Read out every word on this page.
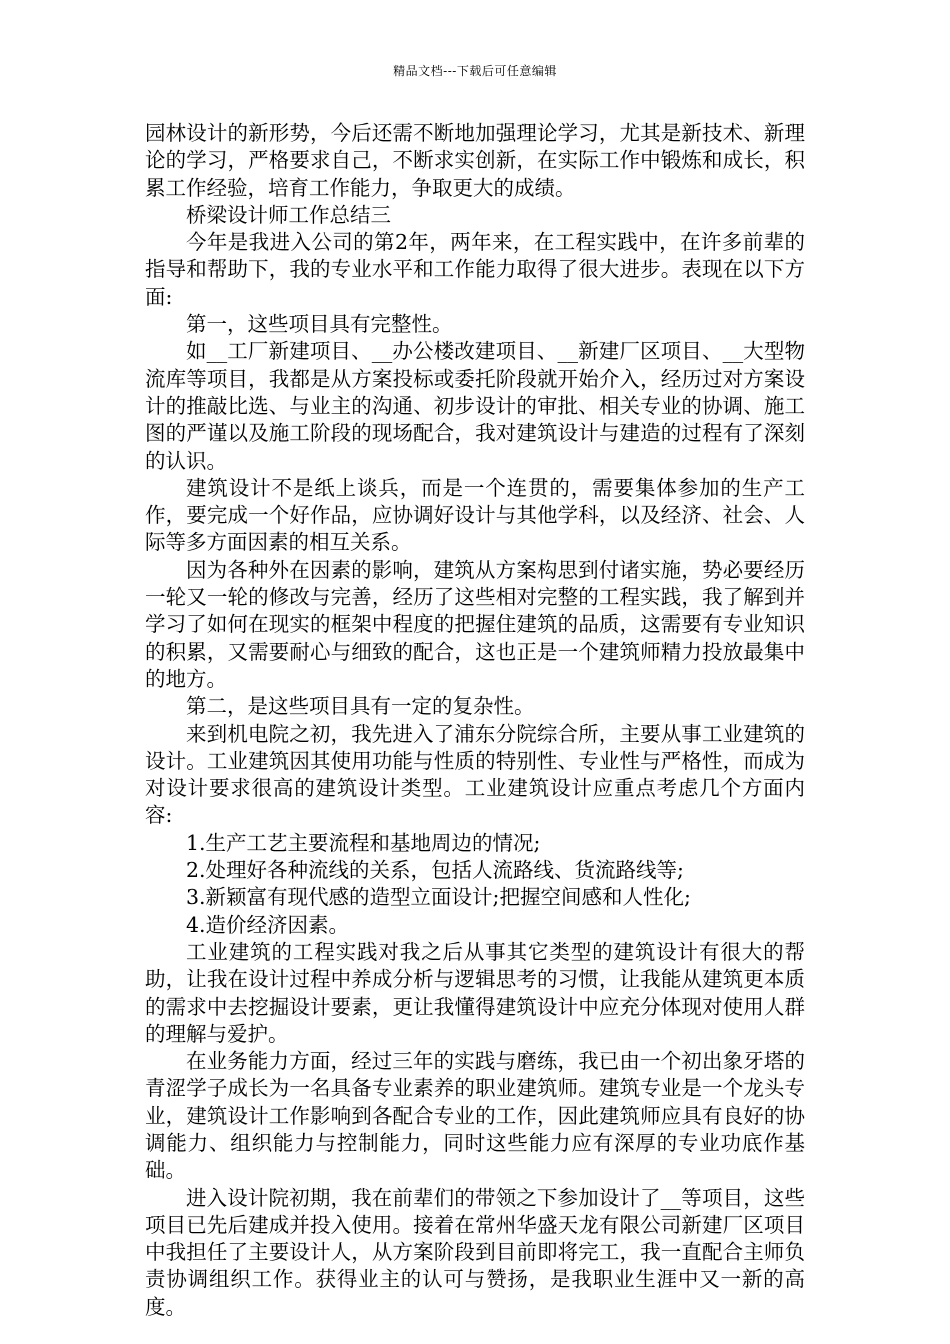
精品文档---下载后可任意编辑

园林设计的新形势，今后还需不断地加强理论学习，尤其是新技术、新理论的学习，严格要求自己，不断求实创新，在实际工作中锻炼和成长，积累工作经验，培育工作能力，争取更大的成绩。

桥梁设计师工作总结三

今年是我进入公司的第2年，两年来，在工程实践中，在许多前辈的指导和帮助下，我的专业水平和工作能力取得了很大进步。表现在以下方面:

第一，这些项目具有完整性。

如__工厂新建项目、__办公楼改建项目、__新建厂区项目、__大型物流库等项目，我都是从方案投标或委托阶段就开始介入，经历过对方案设计的推敲比选、与业主的沟通、初步设计的审批、相关专业的协调、施工图的严谨以及施工阶段的现场配合，我对建筑设计与建造的过程有了深刻的认识。

建筑设计不是纸上谈兵，而是一个连贯的，需要集体参加的生产工作，要完成一个好作品，应协调好设计与其他学科，以及经济、社会、人际等多方面因素的相互关系。

因为各种外在因素的影响，建筑从方案构思到付诸实施，势必要经历一轮又一轮的修改与完善，经历了这些相对完整的工程实践，我了解到并学习了如何在现实的框架中程度的把握住建筑的品质，这需要有专业知识的积累，又需要耐心与细致的配合，这也正是一个建筑师精力投放最集中的地方。

第二，是这些项目具有一定的复杂性。

来到机电院之初，我先进入了浦东分院综合所，主要从事工业建筑的设计。工业建筑因其使用功能与性质的特别性、专业性与严格性，而成为对设计要求很高的建筑设计类型。工业建筑设计应重点考虑几个方面内容:

1.生产工艺主要流程和基地周边的情况;

2.处理好各种流线的关系，包括人流路线、货流路线等;

3.新颖富有现代感的造型立面设计;把握空间感和人性化;

4.造价经济因素。

工业建筑的工程实践对我之后从事其它类型的建筑设计有很大的帮助，让我在设计过程中养成分析与逻辑思考的习惯，让我能从建筑更本质的需求中去挖掘设计要素，更让我懂得建筑设计中应充分体现对使用人群的理解与爱护。

在业务能力方面，经过三年的实践与磨练，我已由一个初出象牙塔的青涩学子成长为一名具备专业素养的职业建筑师。建筑专业是一个龙头专业，建筑设计工作影响到各配合专业的工作，因此建筑师应具有良好的协调能力、组织能力与控制能力，同时这些能力应有深厚的专业功底作基础。

进入设计院初期，我在前辈们的带领之下参加设计了__等项目，这些项目已先后建成并投入使用。接着在常州华盛天龙有限公司新建厂区项目中我担任了主要设计人，从方案阶段到目前即将完工，我一直配合主师负责协调组织工作。获得业主的认可与赞扬，是我职业生涯中又一新的高度。
